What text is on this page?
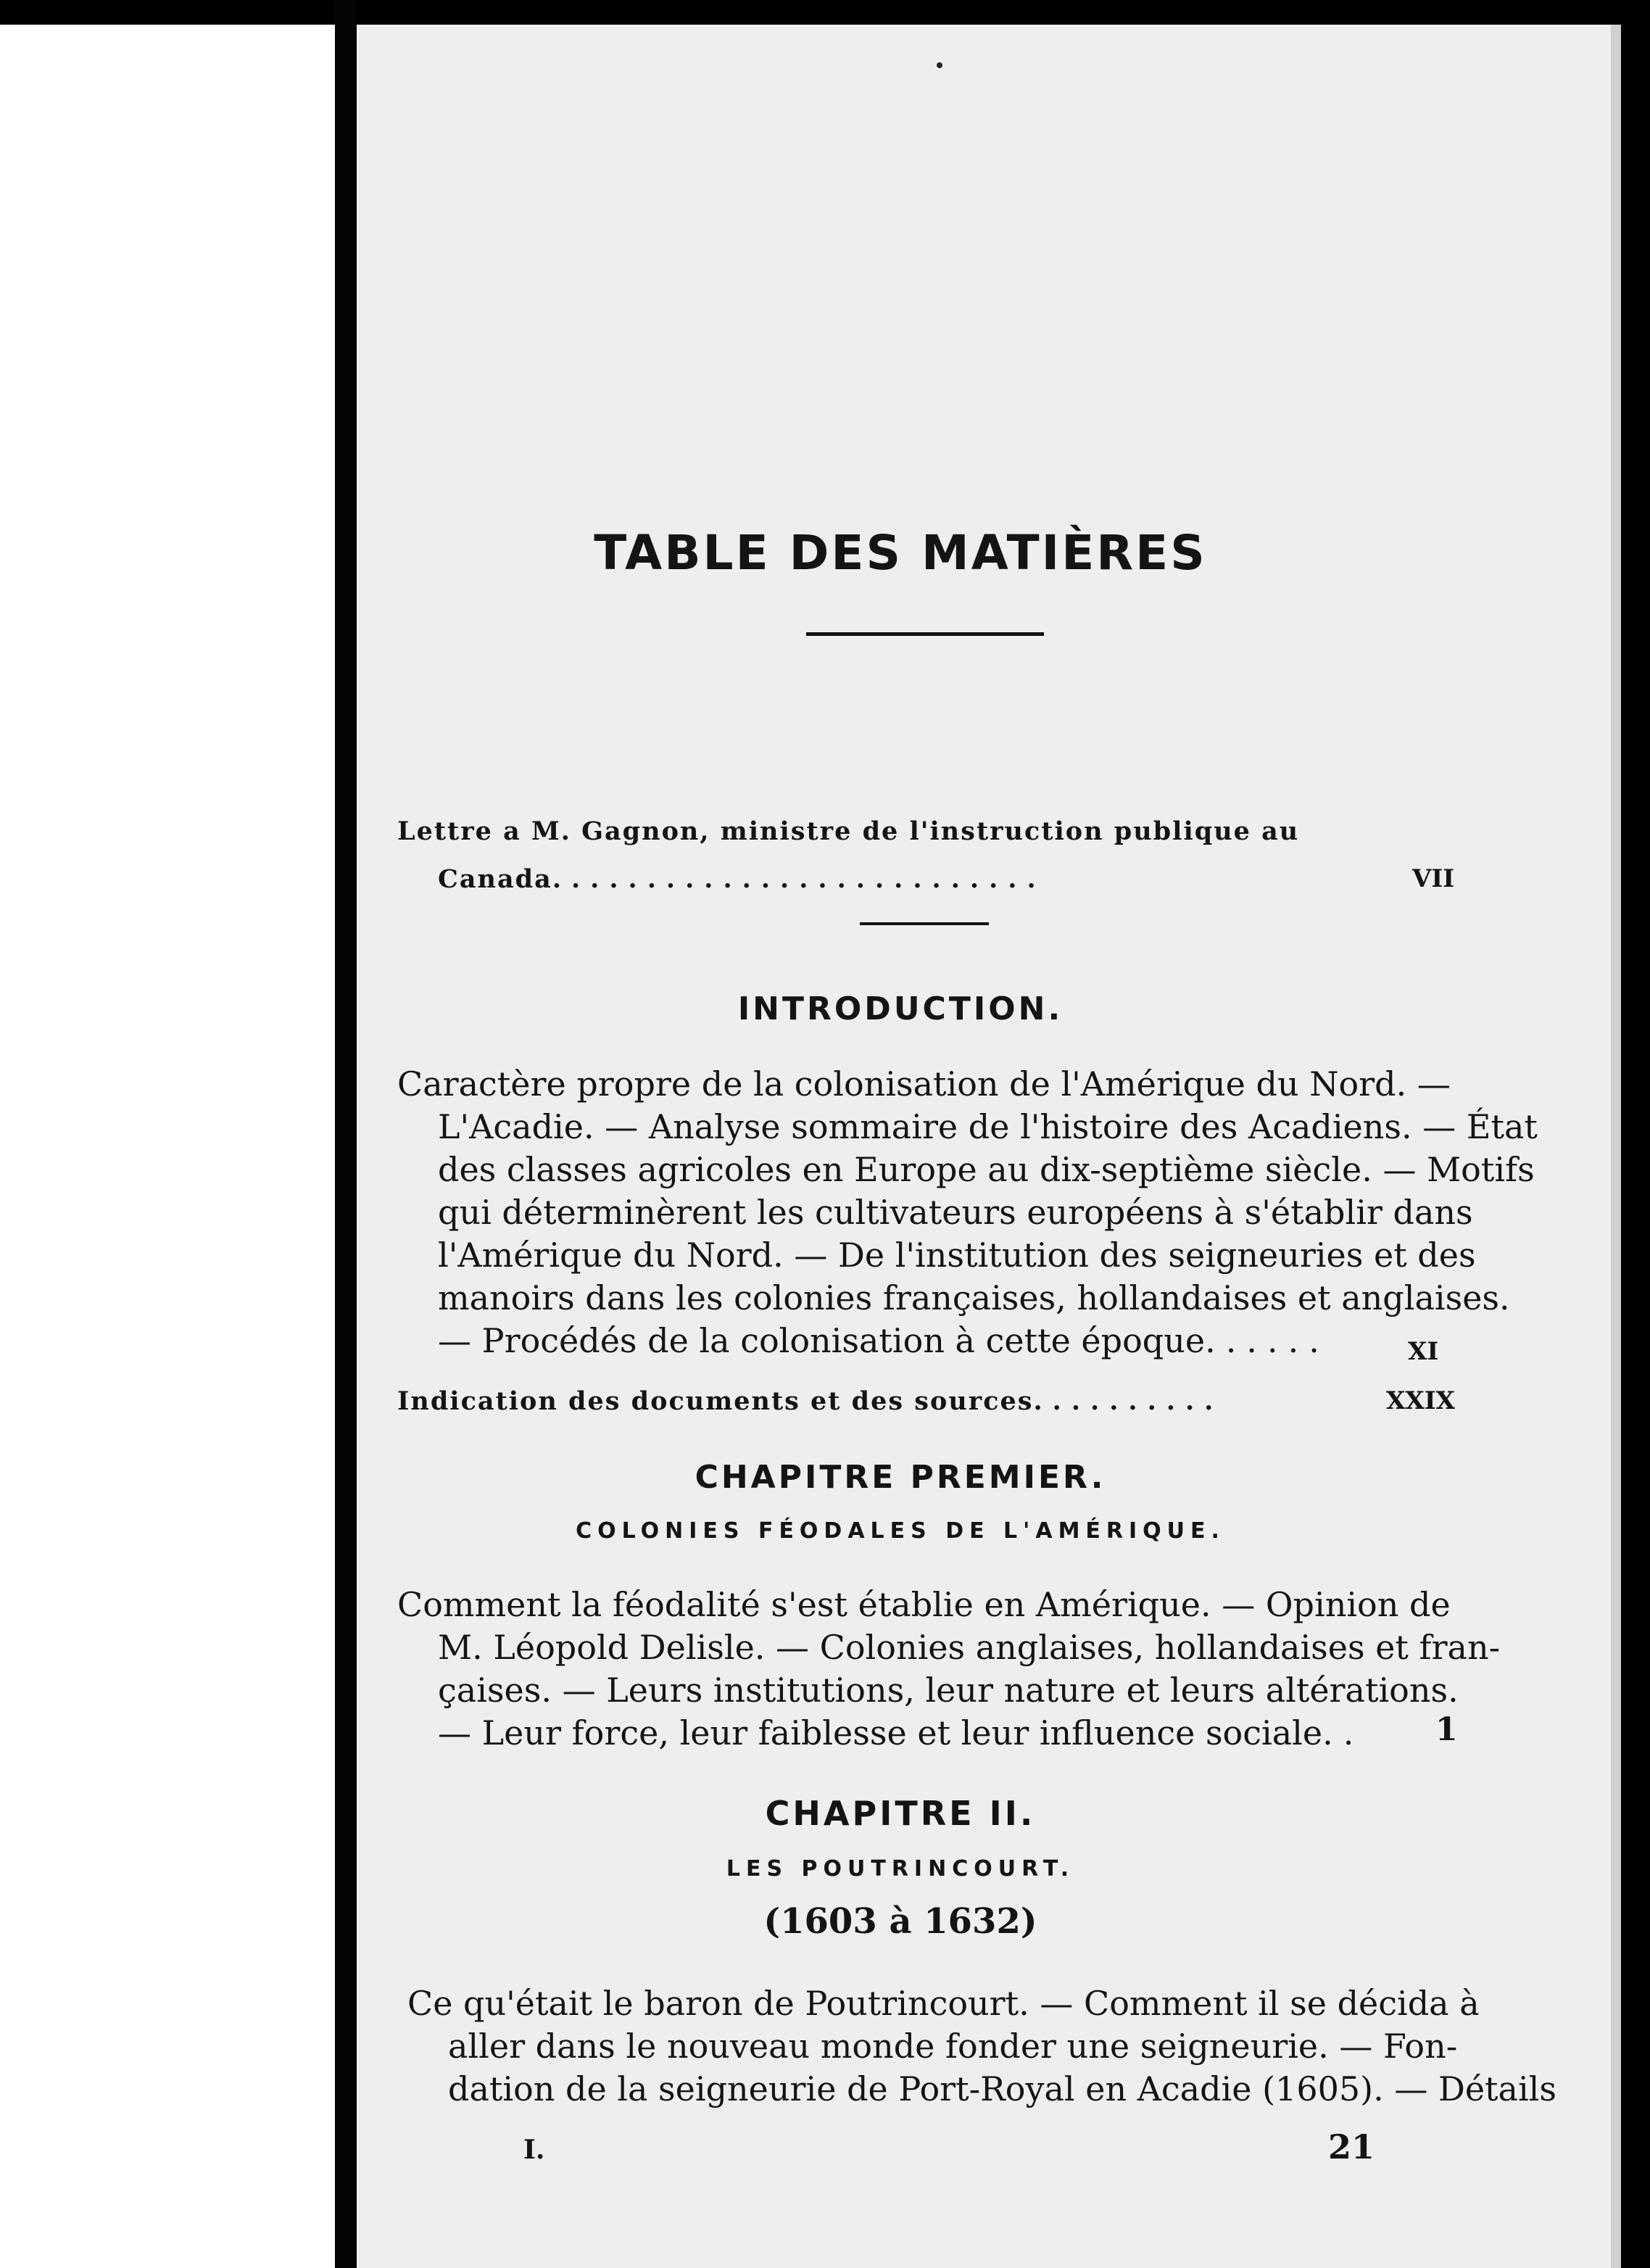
TABLE DES MATIÈRES
Lettre a M. Gagnon, ministre de l'instruction publique au
Canada..........................	VII
INTRODUCTION.
Caractère propre de la colonisation de l'Amérique du Nord. —
L'Acadie. — Analyse sommaire de l'histoire des Acadiens. — État
des classes agricoles en Europe au dix-septième siècle. — Motifs
qui déterminèrent les cultivateurs européens à s'établir dans
l'Amérique du Nord. — De l'institution des seigneuries et des
manoirs dans les colonies françaises, hollandaises et anglaises.
— Procédés de la colonisation à cette époque......	XI
Indication des documents et des sources..........	XXIX
CHAPITRE PREMIER.
COLONIES FÉODALES DE L'AMÉRIQUE.
Comment la féodalité s'est établie en Amérique. — Opinion de
M. Léopold Delisle. — Colonies anglaises, hollandaises et fran-
çaises. — Leurs institutions, leur nature et leurs altérations.
— Leur force, leur faiblesse et leur influence sociale..	1
CHAPITRE II.
LES POUTRINCOURT.
(1603 à 1632)
Ce qu'était le baron de Poutrincourt. — Comment il se décida à
aller dans le nouveau monde fonder une seigneurie. — Fon-
dation de la seigneurie de Port-Royal en Acadie (1605). — Détails
I.	21
